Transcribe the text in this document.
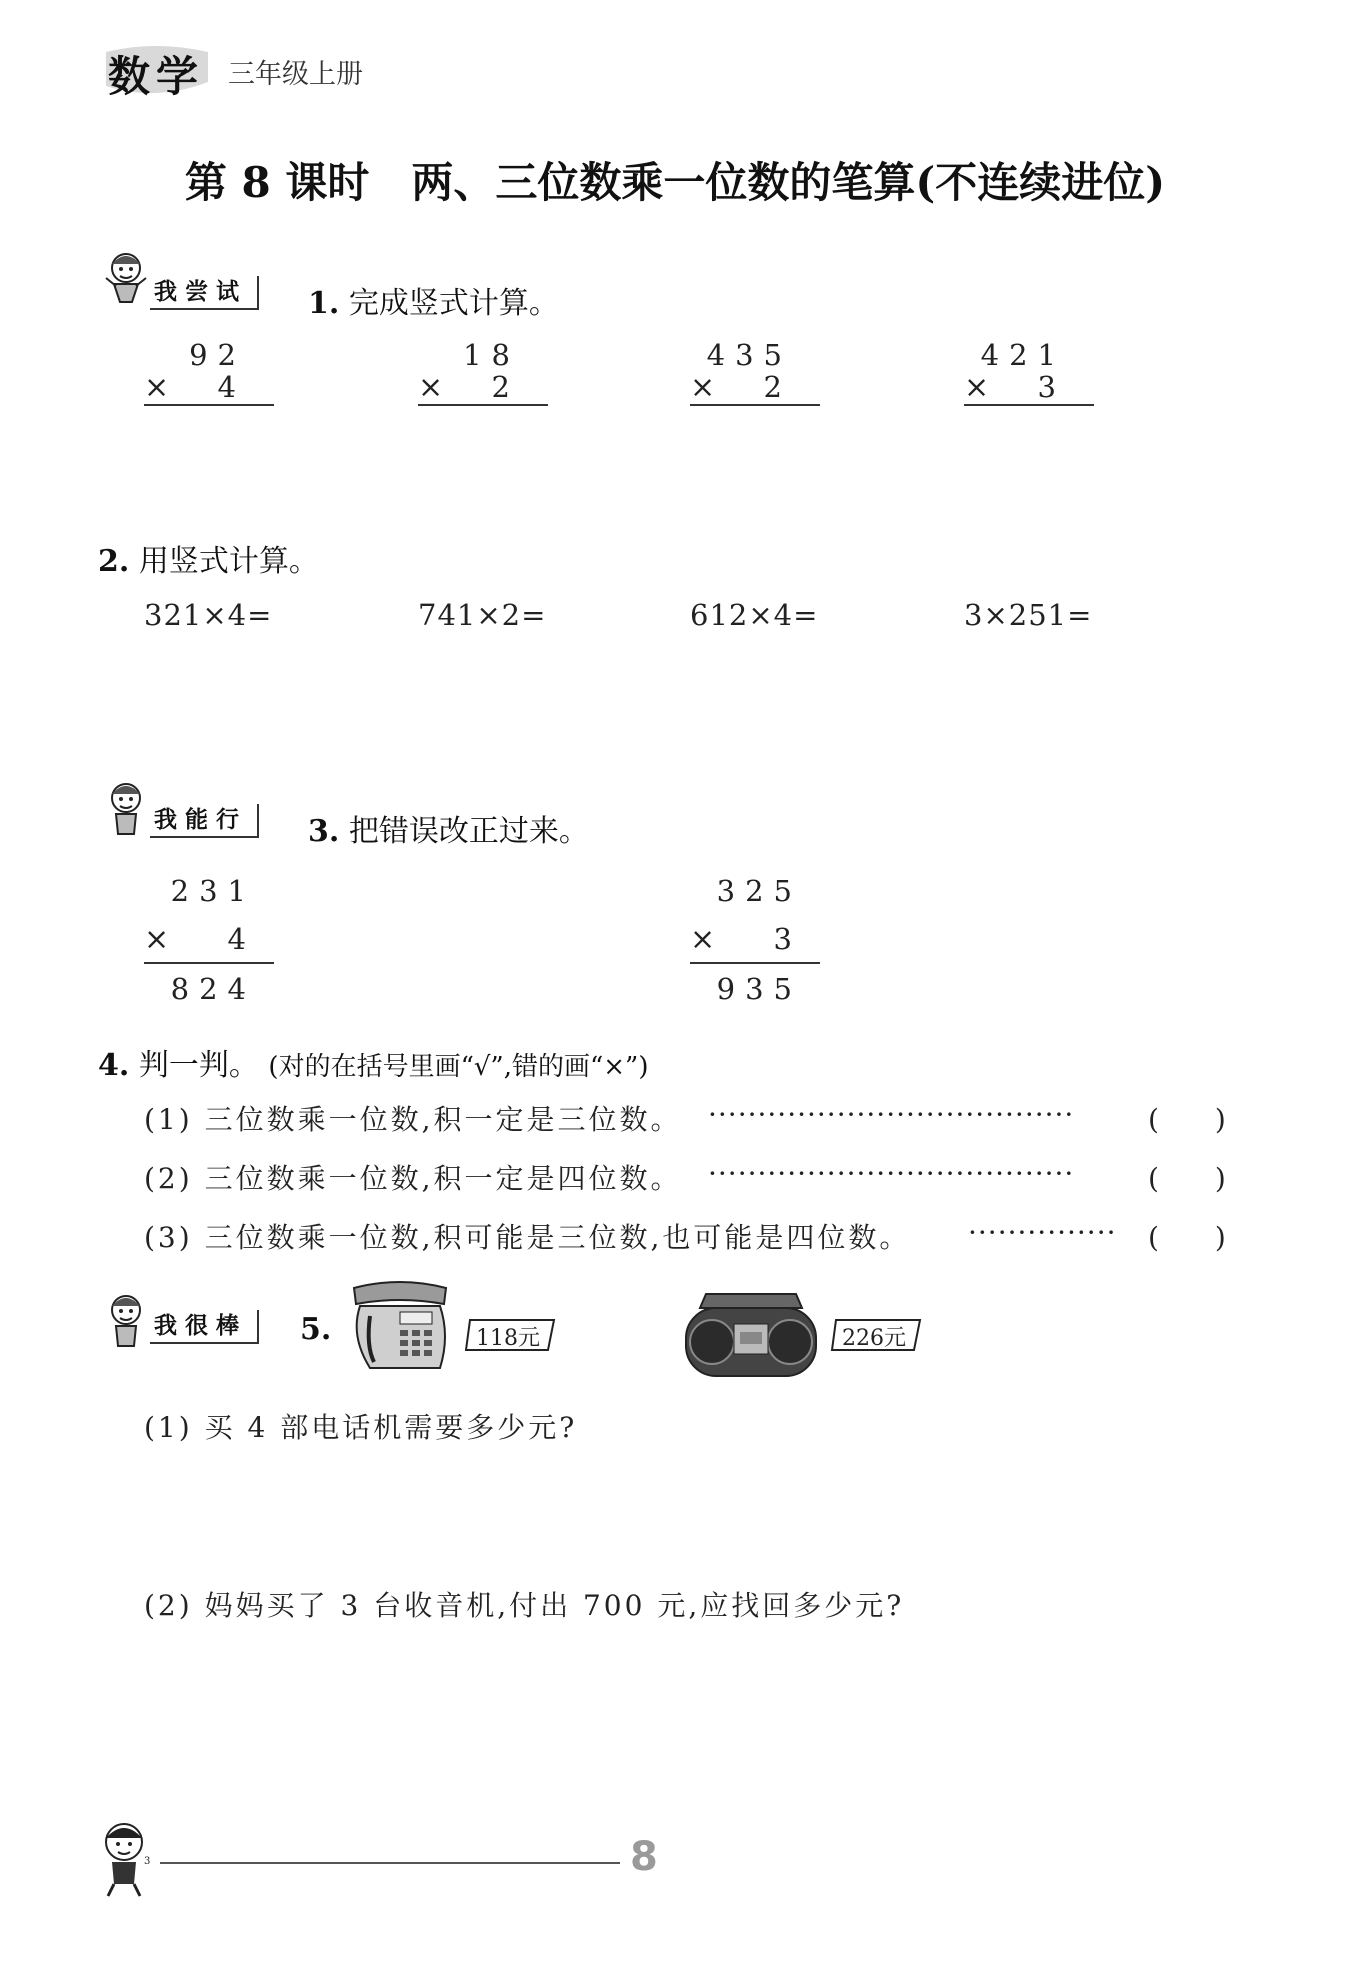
数学 三年级上册
第 8 课时　两、三位数乘一位数的笔算(不连续进位)
我尝试	1. 完成竖式计算。
92
×	4
18
×	2
435
×	2
421
×	3
2. 用竖式计算。
321×4=	741×2=	612×4=	3×251=
我能行	3. 把错误改正过来。
231
×	4
824
325
×	3
935
4. 判一判。 (对的在括号里画“√”,错的画“×”)
(1) 三位数乘一位数,积一定是三位数。 ·····································	(　　)
(2) 三位数乘一位数,积一定是四位数。 ·····································	(　　)
(3) 三位数乘一位数,积可能是三位数,也可能是四位数。 ··············· (　　)
我很棒	5.	118元	226元
(1) 买 4 部电话机需要多少元?
(2) 妈妈买了 3 台收音机,付出 700 元,应找回多少元?
3	8
